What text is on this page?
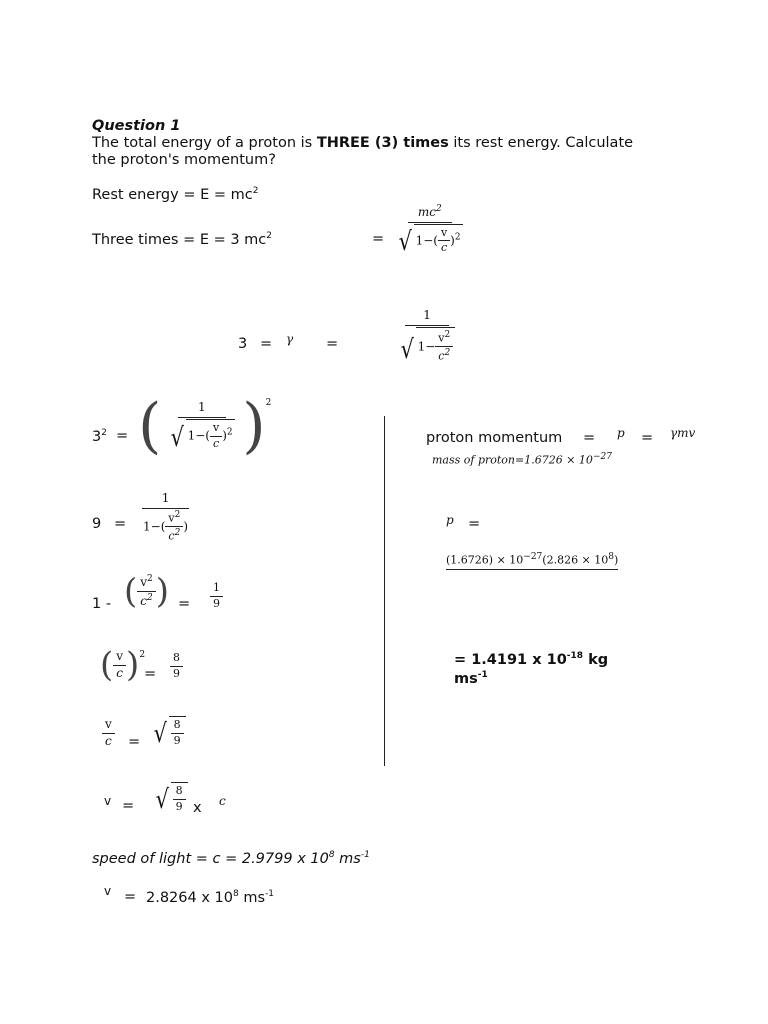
Question 1
The total energy of a proton is THREE (3) times its rest energy. Calculate
the proton's momentum?
Rest energy = $E = mc^2$
Three times = E = 3 $mc^2$	= $\frac{mc^2}{√ 1-( \frac{v}{c} )^2}$
3 = γ =	$\frac{1}{√ 1- \frac{v^2}{c^2}}$
$3^2$ = ( $\frac{1}{√ 1-( \frac{v}{c} )^2} )^2$
$9 = \frac{1}{1-( \frac{v^2}{c^2} )}$
1 - ( $\frac{v^2}{c^2}$ ) = $\frac{1}{9}$
( $\frac{v}{c} )^2$
= $\frac{8}{9}$
$\frac{v}{c}$ = √ $\frac{8}{9}$
v = √ $\frac{8}{9}$ x c
speed of light = c = 2.9799 x $10^8$ $ms^{-1}$
v = 2.8264 x $10^8$ $ms^{-1}$
proton momentum = p = γmv
mass of proton=1.6726 × $10^{-27}$
p =
$(1.6726) \times 10^{-27}(2.826 \times 10^8)$
= 1.4191 x $10^{-18}$ kg
$ms^{-1}$
